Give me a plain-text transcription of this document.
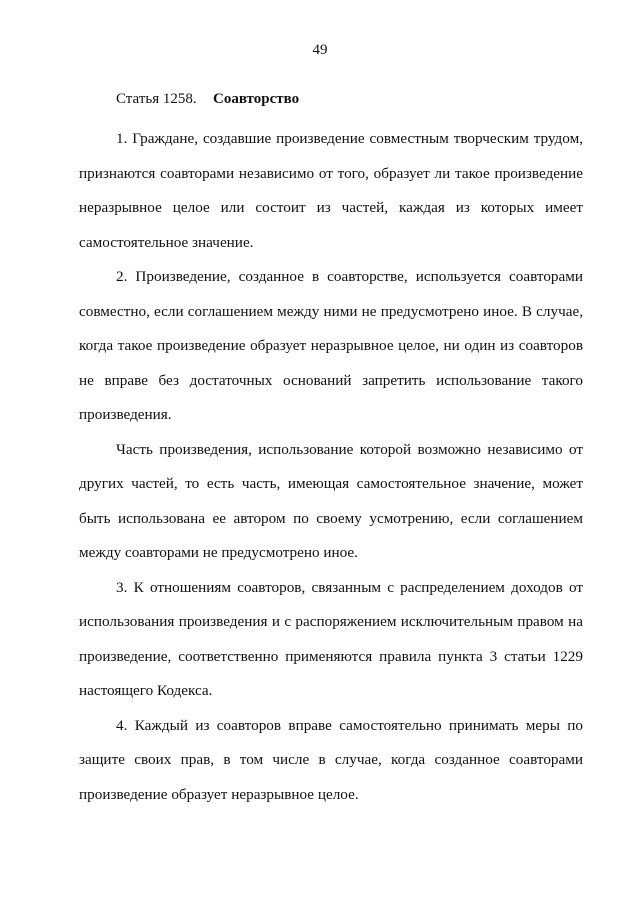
49
Статья 1258. Соавторство

1. Граждане, создавшие произведение совместным творческим трудом, признаются соавторами независимо от того, образует ли такое произведение неразрывное целое или состоит из частей, каждая из которых имеет самостоятельное значение.

2. Произведение, созданное в соавторстве, используется соавторами совместно, если соглашением между ними не предусмотрено иное. В случае, когда такое произведение образует неразрывное целое, ни один из соавторов не вправе без достаточных оснований запретить использование такого произведения.

Часть произведения, использование которой возможно независимо от других частей, то есть часть, имеющая самостоятельное значение, может быть использована ее автором по своему усмотрению, если соглашением между соавторами не предусмотрено иное.

3. К отношениям соавторов, связанным с распределением доходов от использования произведения и с распоряжением исключительным правом на произведение, соответственно применяются правила пункта 3 статьи 1229 настоящего Кодекса.

4. Каждый из соавторов вправе самостоятельно принимать меры по защите своих прав, в том числе в случае, когда созданное соавторами произведение образует неразрывное целое.
